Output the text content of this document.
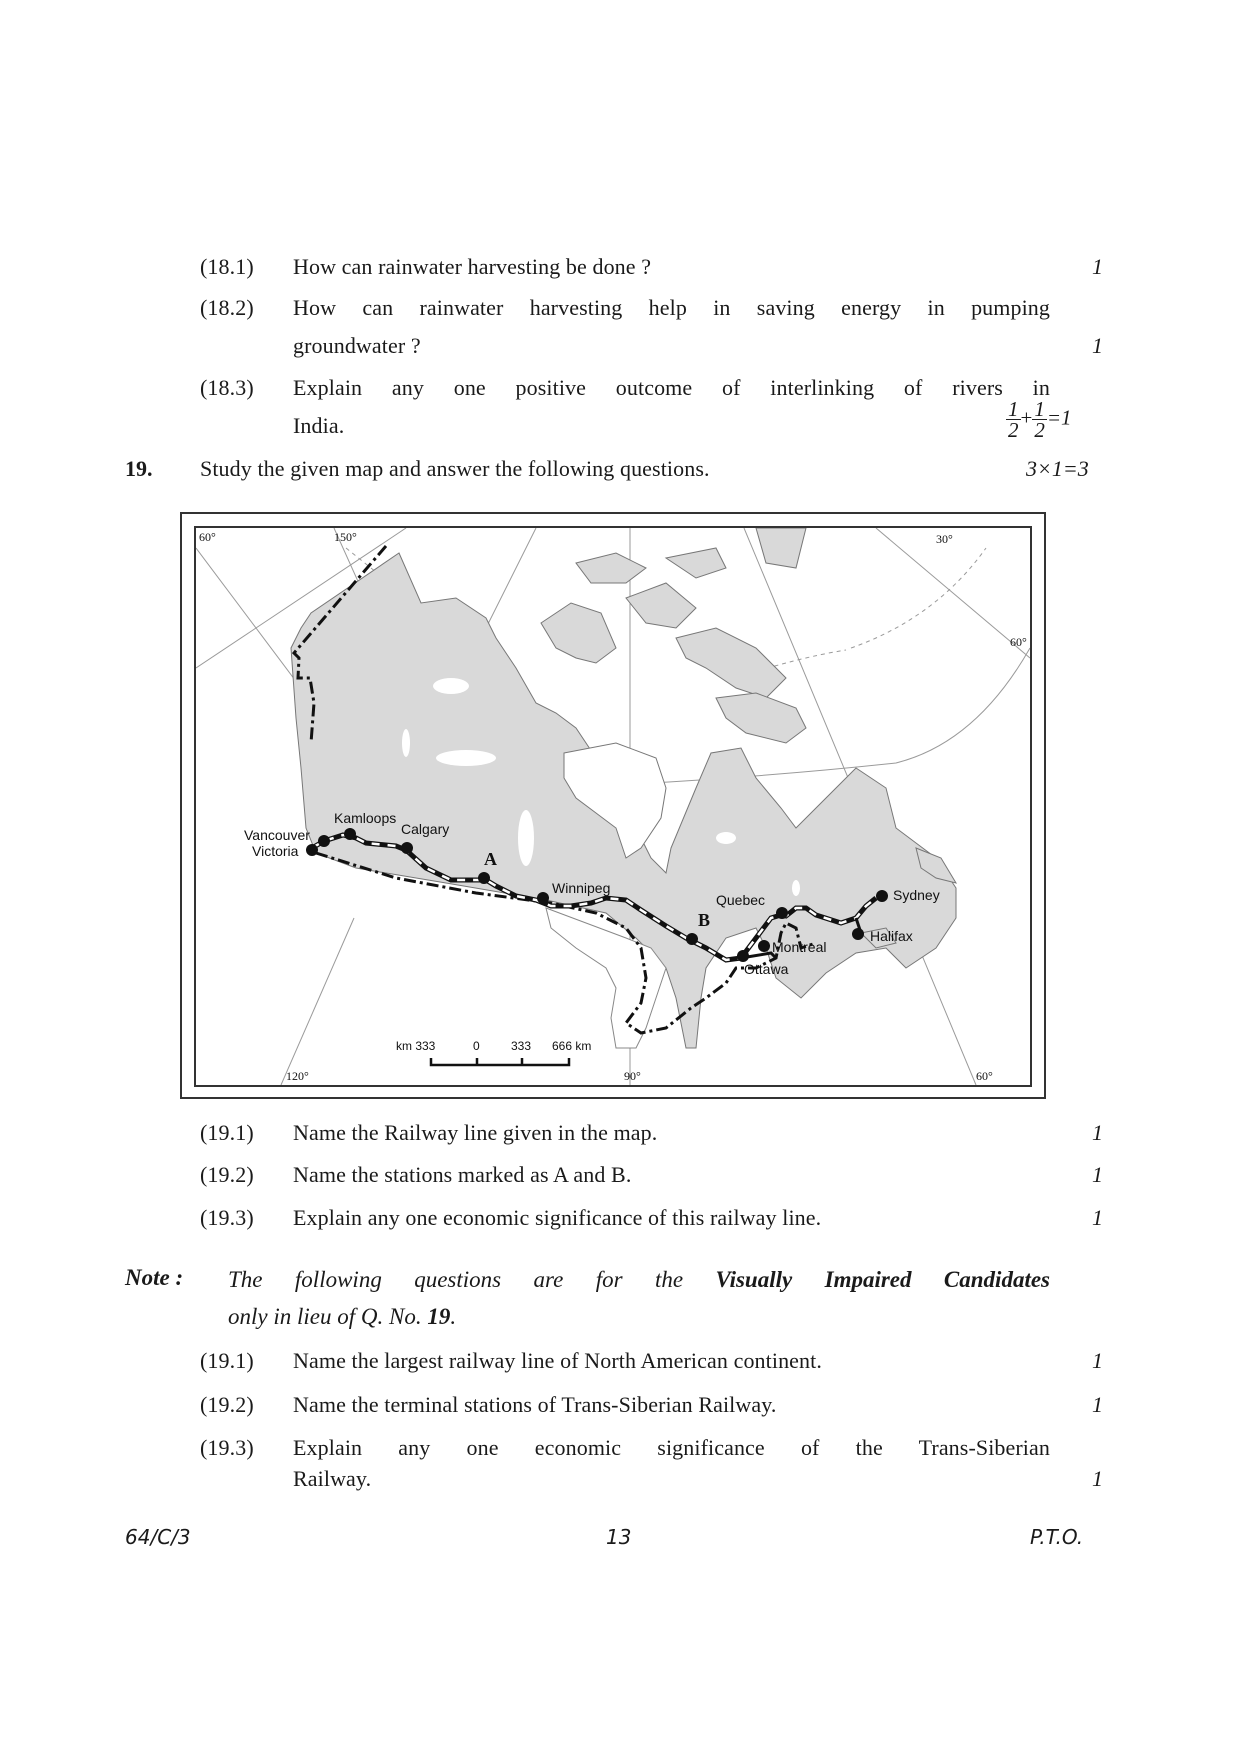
(18.1) How can rainwater harvesting be done ?	1
(18.2) How can rainwater harvesting help in saving energy in pumping
groundwater ?	1
(18.3) Explain any one positive outcome of interlinking of rivers in
India.	$\frac{1}{2} + \frac{1}{2} =1$
19. Study the given map and answer the following questions.	3×1=3
Vancouver
Victoria
Kamloops
Calgary
Winnipeg
Quebec
Montreal
Ottawa
Sydney
Halifax
A
B
60°	150°	30°
60°
120°	90°	60°
km 333	0	333 666 km
(19.1) Name the Railway line given in the map.	1
(19.2) Name the stations marked as A and B.	1
(19.3) Explain any one economic significance of this railway line.	1
Note : The following questions are for the Visually Impaired Candidates
only in lieu of Q. No. 19.
(19.1) Name the largest railway line of North American continent.	1
(19.2) Name the terminal stations of Trans-Siberian Railway.	1
(19.3) Explain any one economic significance of the Trans-Siberian
Railway.	1
64/C/3	13	P.T.O.
